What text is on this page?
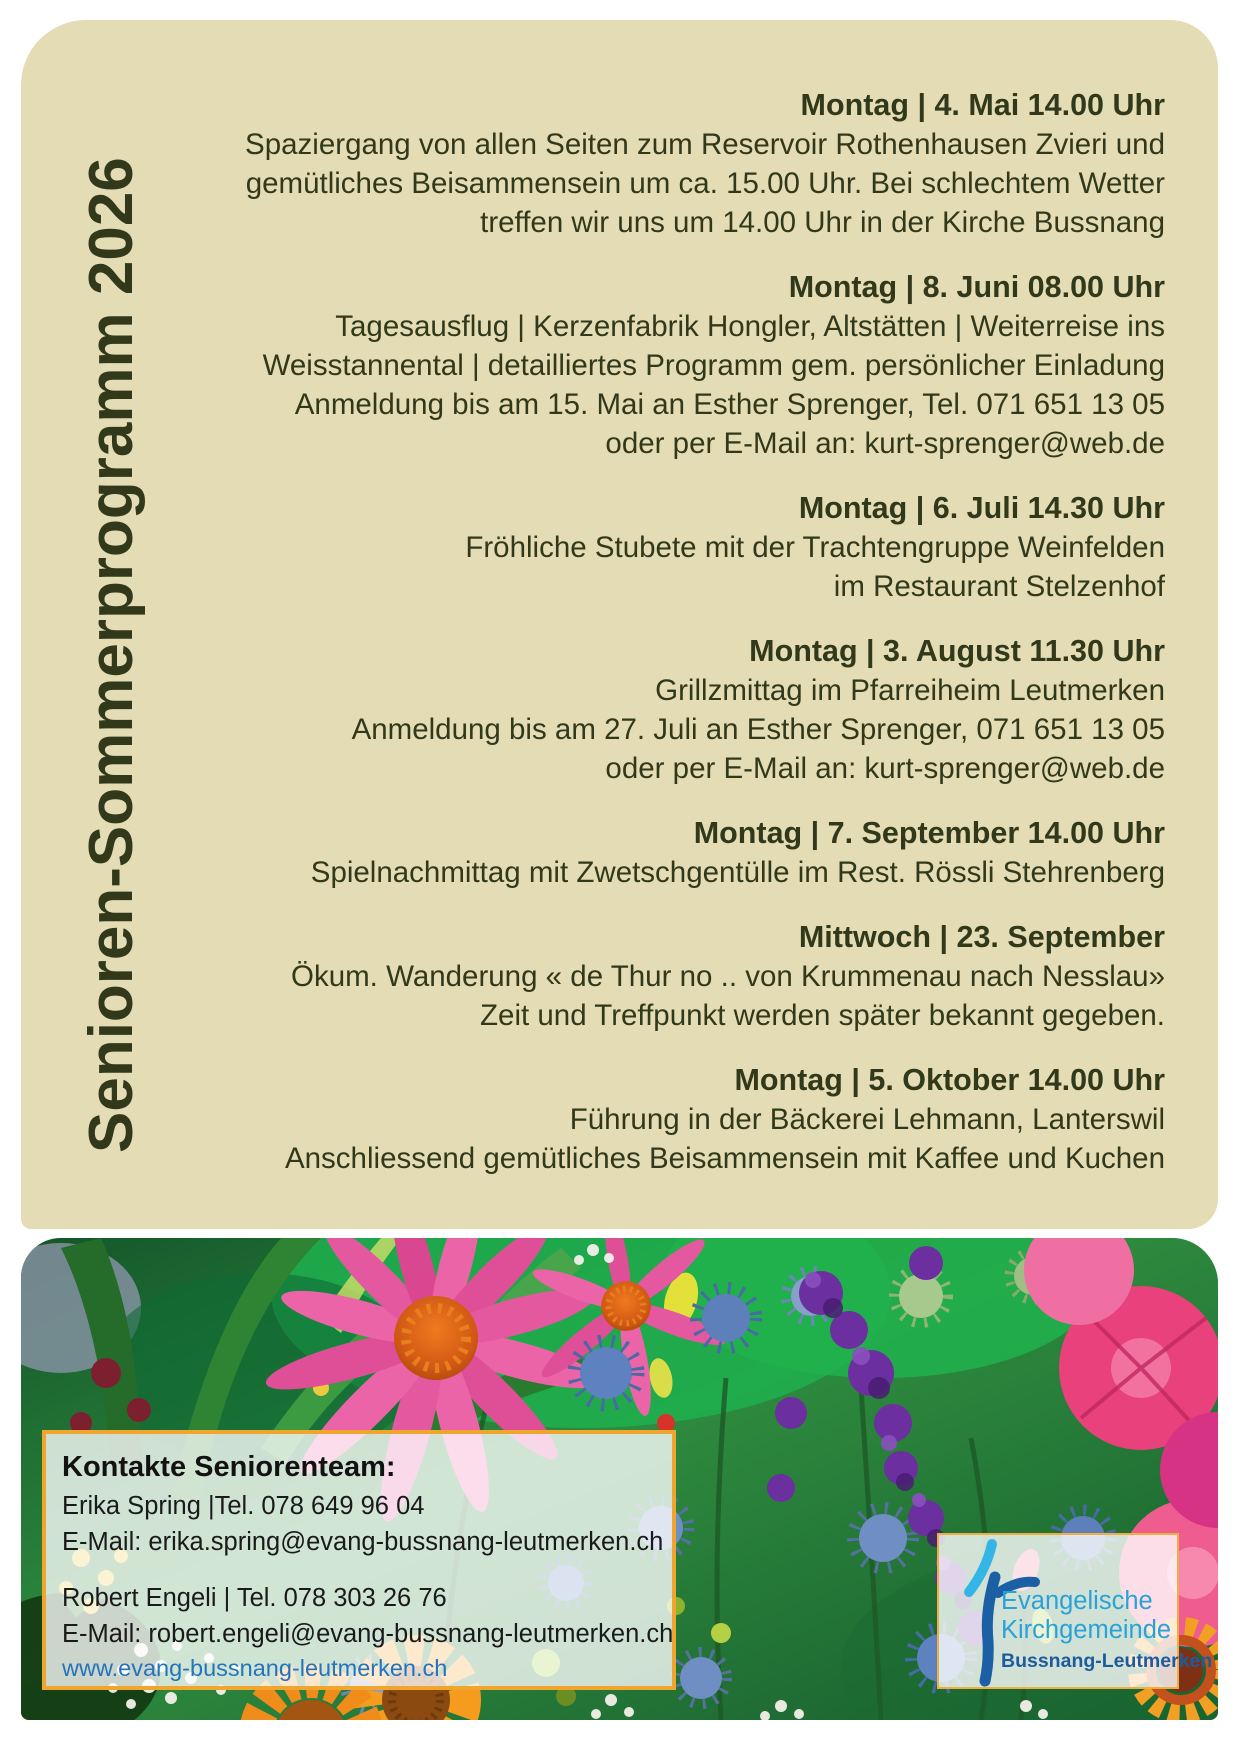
Senioren-Sommerprogramm 2026
Montag | 4. Mai 14.00 Uhr
Spaziergang von allen Seiten zum Reservoir Rothenhausen Zvieri und
gemütliches Beisammensein um ca. 15.00 Uhr. Bei schlechtem Wetter
treffen wir uns um 14.00 Uhr in der Kirche Bussnang
Montag | 8. Juni 08.00 Uhr
Tagesausflug | Kerzenfabrik Hongler, Altstätten | Weiterreise ins
Weisstannental | detailliertes Programm gem. persönlicher Einladung
Anmeldung bis am 15. Mai an Esther Sprenger, Tel. 071 651 13 05
oder per E-Mail an: kurt-sprenger@web.de
Montag | 6. Juli 14.30 Uhr
Fröhliche Stubete mit der Trachtengruppe Weinfelden
im Restaurant Stelzenhof
Montag | 3. August 11.30 Uhr
Grillzmittag im Pfarreiheim Leutmerken
Anmeldung bis am 27. Juli an Esther Sprenger, 071 651 13 05
oder per E-Mail an: kurt-sprenger@web.de
Montag | 7. September 14.00 Uhr
Spielnachmittag mit Zwetschgentülle im Rest. Rössli Stehrenberg
Mittwoch | 23. September
Ökum. Wanderung « de Thur no .. von Krummenau nach Nesslau»
Zeit und Treffpunkt werden später bekannt gegeben.
Montag | 5. Oktober 14.00 Uhr
Führung in der Bäckerei Lehmann, Lanterswil
Anschliessend gemütliches Beisammensein mit Kaffee und Kuchen
Kontakte Seniorenteam:
Erika Spring |Tel. 078 649 96 04
E-Mail: erika.spring@evang-bussnang-leutmerken.ch
Robert Engeli | Tel. 078 303 26 76
E-Mail: robert.engeli@evang-bussnang-leutmerken.ch
www.evang-bussnang-leutmerken.ch
Evangelische
Kirchgemeinde
Bussnang-Leutmerken
